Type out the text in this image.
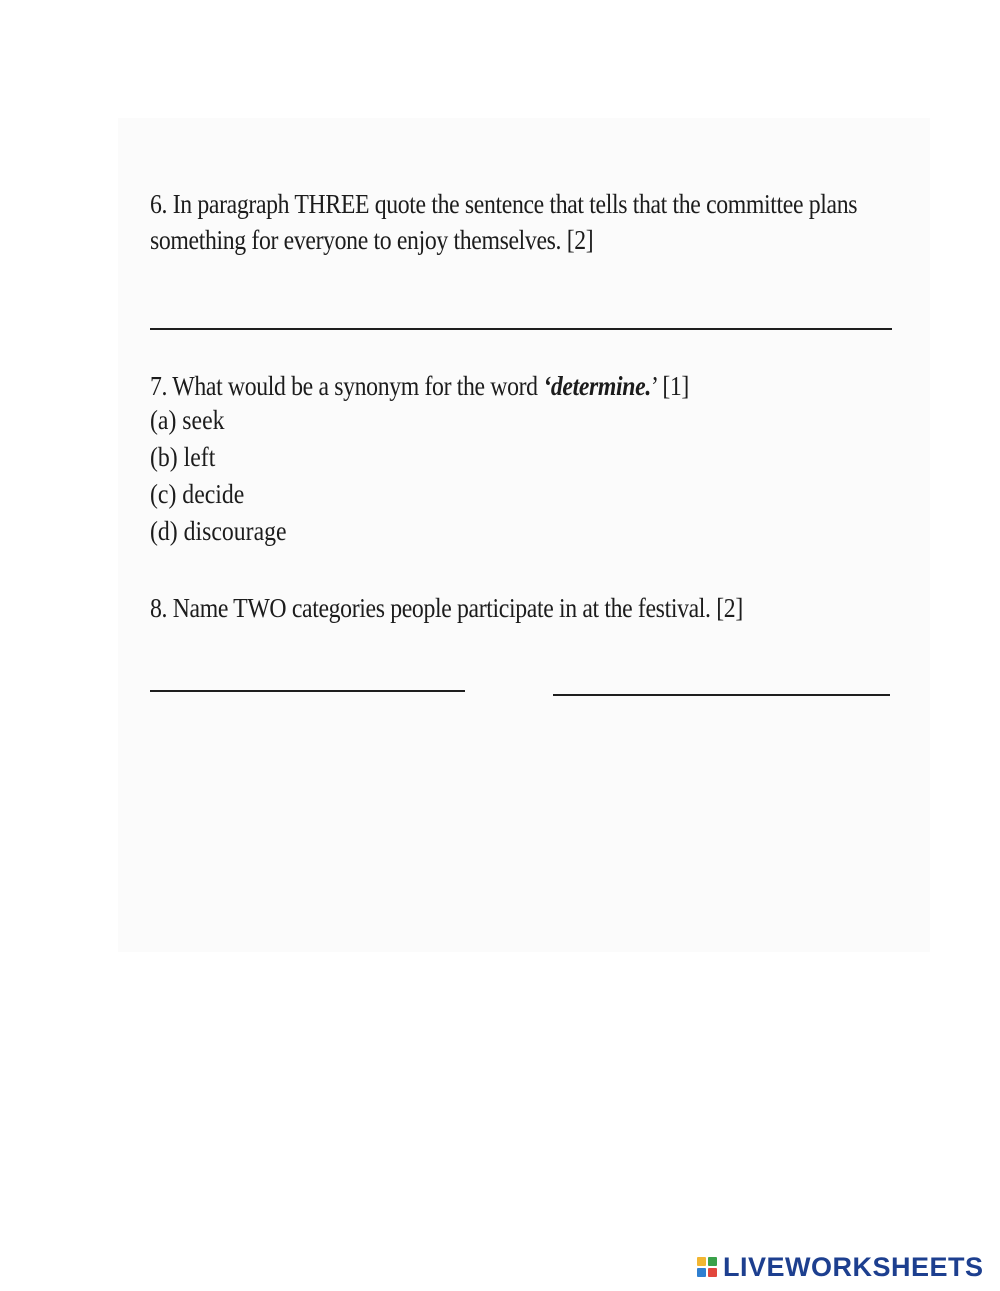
6. In paragraph THREE quote the sentence that tells that the committee plans
something for everyone to enjoy themselves. [2]
7. What would be a synonym for the word ‘determine.’ [1]
(a) seek
(b) left
(c) decide
(d) discourage
8. Name TWO categories people participate in at the festival. [2]
LIVEWORKSHEETS
